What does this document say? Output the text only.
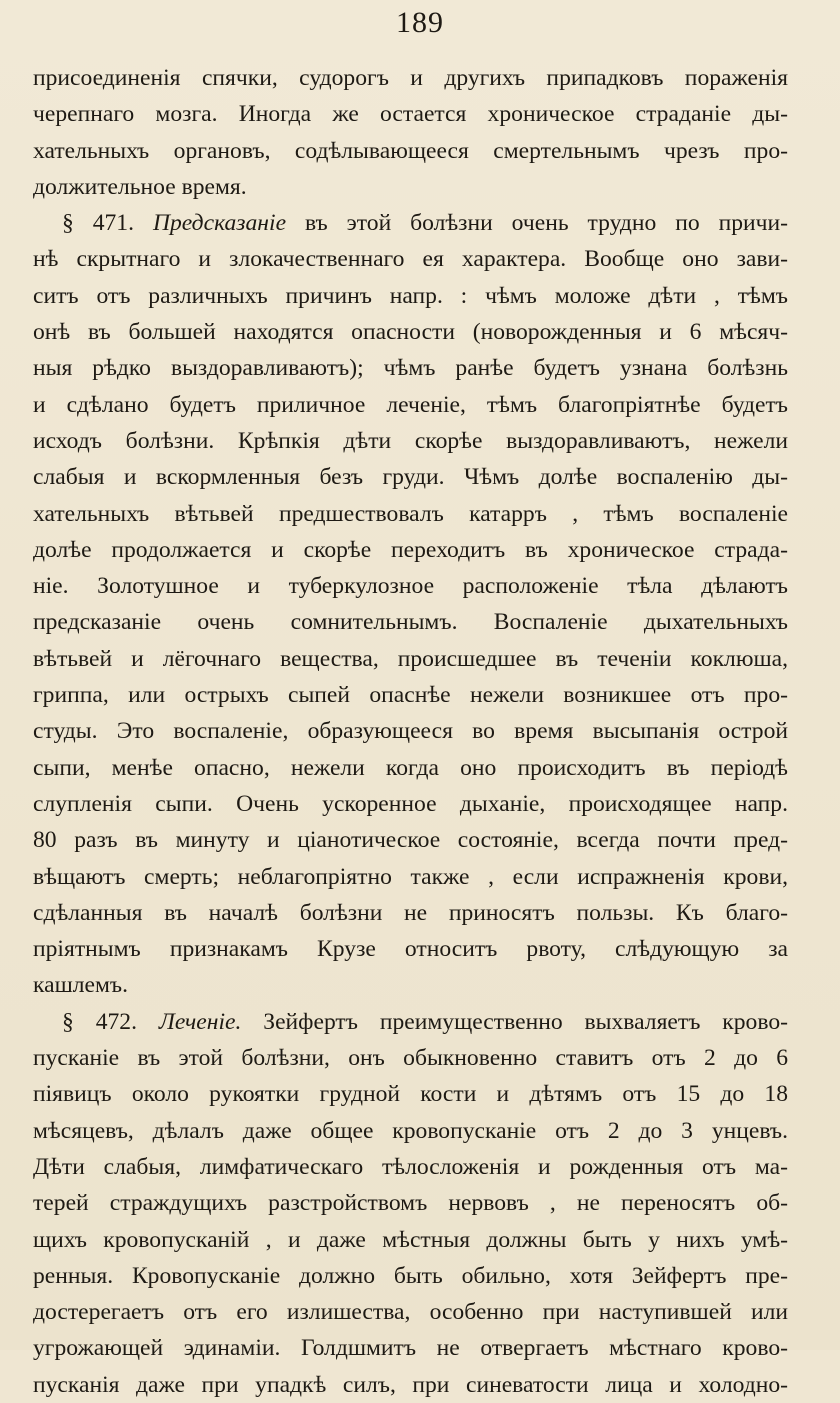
189
присоединенія спячки, судорогъ и другихъ припадковъ пораженія
черепнаго мозга. Иногда же остается хроническое страданіе ды-
хательныхъ органовъ, содѣлывающееся смертельнымъ чрезъ про-
должительное время.
§ 471. Предсказаніе въ этой болѣзни очень трудно по причи-
нѣ скрытнаго и злокачественнаго ея характера. Вообще оно зави-
ситъ отъ различныхъ причинъ напр. : чѣмъ моложе дѣти , тѣмъ
онѣ въ большей находятся опасности (новорожденныя и 6 мѣсяч-
ныя рѣдко выздоравливаютъ); чѣмъ ранѣе будетъ узнана болѣзнь
и сдѣлано будетъ приличное леченіе, тѣмъ благопріятнѣе будетъ
исходъ болѣзни. Крѣпкія дѣти скорѣе выздоравливаютъ, нежели
слабыя и вскормленныя безъ груди. Чѣмъ долѣе воспаленію ды-
хательныхъ вѣтьвей предшествовалъ катарръ , тѣмъ воспаленіе
долѣе продолжается и скорѣе переходитъ въ хроническое страда-
ніе. Золотушное и туберкулозное расположеніе тѣла дѣлаютъ
предсказаніе очень сомнительнымъ. Воспаленіе дыхательныхъ
вѣтьвей и лёгочнаго вещества, происшедшее въ теченіи коклюша,
гриппа, или острыхъ сыпей опаснѣе нежели возникшее отъ про-
студы. Это воспаленіе, образующееся во время высыпанія острой
сыпи, менѣе опасно, нежели когда оно происходитъ въ періодѣ
слупленія сыпи. Очень ускоренное дыханіе, происходящее напр.
80 разъ въ минуту и ціанотическое состояніе, всегда почти пред-
вѣщаютъ смерть; неблагопріятно также , если испражненія крови,
сдѣланныя въ началѣ болѣзни не приносятъ пользы. Къ благо-
пріятнымъ признакамъ Крузе относитъ рвоту, слѣдующую за
кашлемъ.
§ 472. Леченіе. Зейфертъ преимущественно выхваляетъ крово-
пусканіе въ этой болѣзни, онъ обыкновенно ставитъ отъ 2 до 6
піявицъ около рукоятки грудной кости и дѣтямъ отъ 15 до 18
мѣсяцевъ, дѣлалъ даже общее кровопусканіе отъ 2 до 3 унцевъ.
Дѣти слабыя, лимфатическаго тѣлосложенія и рожденныя отъ ма-
терей страждущихъ разстройствомъ нервовъ , не переносятъ об-
щихъ кровопусканій , и даже мѣстныя должны быть у нихъ умѣ-
ренныя. Кровопусканіе должно быть обильно, хотя Зейфертъ пре-
достерегаетъ отъ его излишества, особенно при наступившей или
угрожающей эдинаміи. Голдшмитъ не отвергаетъ мѣстнаго крово-
пусканія даже при упадкѣ силъ, при синеватости лица и холодно-
